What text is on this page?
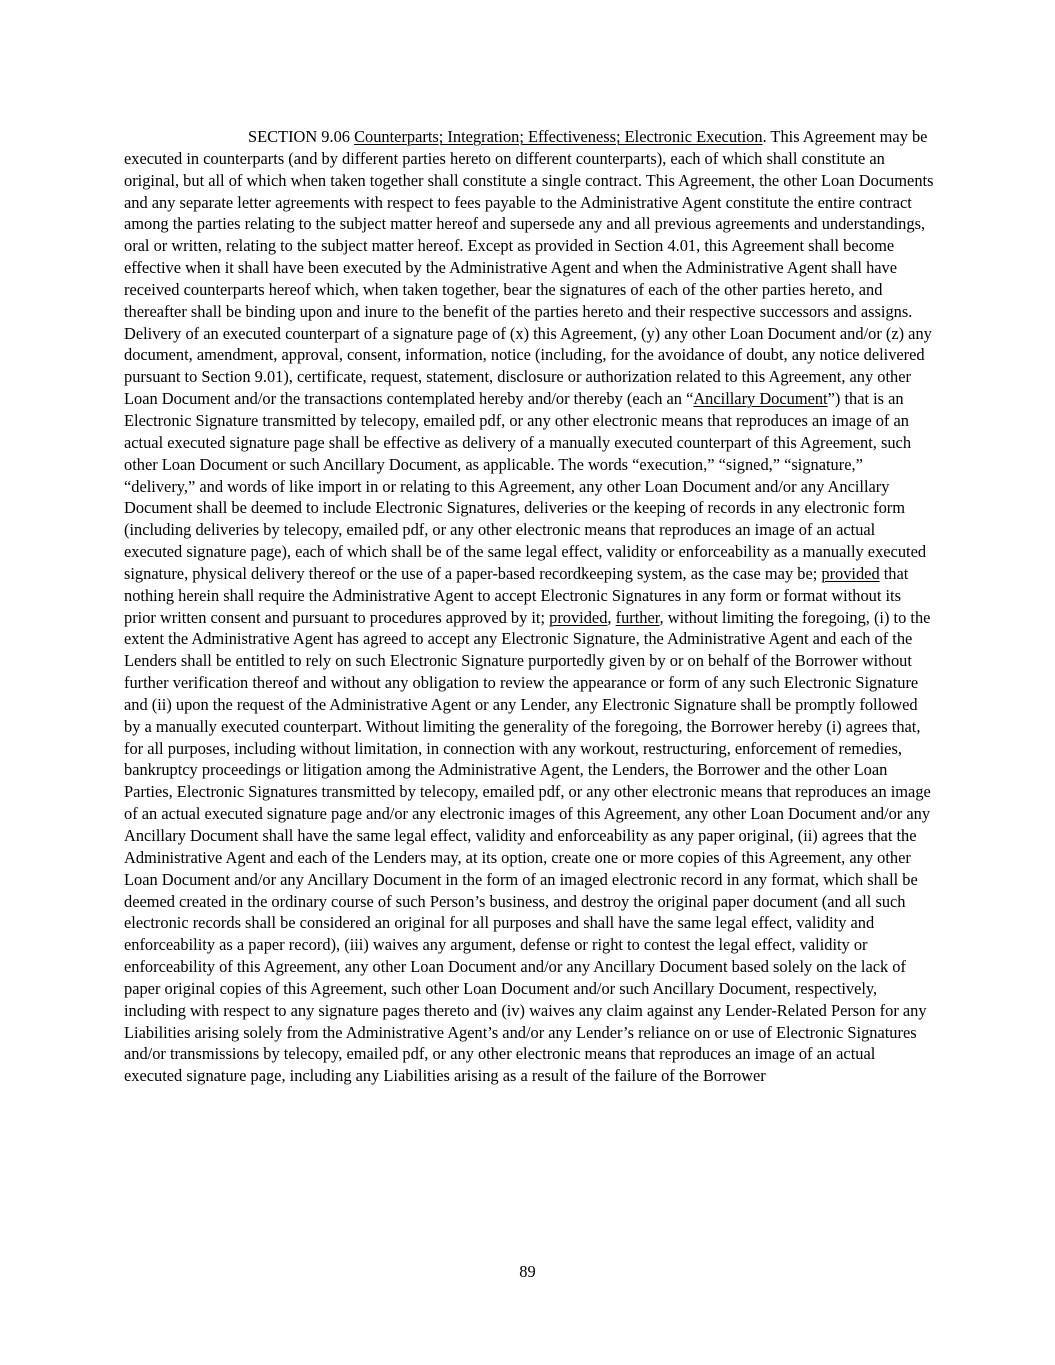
SECTION 9.06 Counterparts; Integration; Effectiveness; Electronic Execution. This Agreement may be executed in counterparts (and by different parties hereto on different counterparts), each of which shall constitute an original, but all of which when taken together shall constitute a single contract. This Agreement, the other Loan Documents and any separate letter agreements with respect to fees payable to the Administrative Agent constitute the entire contract among the parties relating to the subject matter hereof and supersede any and all previous agreements and understandings, oral or written, relating to the subject matter hereof. Except as provided in Section 4.01, this Agreement shall become effective when it shall have been executed by the Administrative Agent and when the Administrative Agent shall have received counterparts hereof which, when taken together, bear the signatures of each of the other parties hereto, and thereafter shall be binding upon and inure to the benefit of the parties hereto and their respective successors and assigns. Delivery of an executed counterpart of a signature page of (x) this Agreement, (y) any other Loan Document and/or (z) any document, amendment, approval, consent, information, notice (including, for the avoidance of doubt, any notice delivered pursuant to Section 9.01), certificate, request, statement, disclosure or authorization related to this Agreement, any other Loan Document and/or the transactions contemplated hereby and/or thereby (each an “Ancillary Document”) that is an Electronic Signature transmitted by telecopy, emailed pdf, or any other electronic means that reproduces an image of an actual executed signature page shall be effective as delivery of a manually executed counterpart of this Agreement, such other Loan Document or such Ancillary Document, as applicable. The words “execution,” “signed,” “signature,” “delivery,” and words of like import in or relating to this Agreement, any other Loan Document and/or any Ancillary Document shall be deemed to include Electronic Signatures, deliveries or the keeping of records in any electronic form (including deliveries by telecopy, emailed pdf, or any other electronic means that reproduces an image of an actual executed signature page), each of which shall be of the same legal effect, validity or enforceability as a manually executed signature, physical delivery thereof or the use of a paper-based recordkeeping system, as the case may be; provided that nothing herein shall require the Administrative Agent to accept Electronic Signatures in any form or format without its prior written consent and pursuant to procedures approved by it; provided, further, without limiting the foregoing, (i) to the extent the Administrative Agent has agreed to accept any Electronic Signature, the Administrative Agent and each of the Lenders shall be entitled to rely on such Electronic Signature purportedly given by or on behalf of the Borrower without further verification thereof and without any obligation to review the appearance or form of any such Electronic Signature and (ii) upon the request of the Administrative Agent or any Lender, any Electronic Signature shall be promptly followed by a manually executed counterpart. Without limiting the generality of the foregoing, the Borrower hereby (i) agrees that, for all purposes, including without limitation, in connection with any workout, restructuring, enforcement of remedies, bankruptcy proceedings or litigation among the Administrative Agent, the Lenders, the Borrower and the other Loan Parties, Electronic Signatures transmitted by telecopy, emailed pdf, or any other electronic means that reproduces an image of an actual executed signature page and/or any electronic images of this Agreement, any other Loan Document and/or any Ancillary Document shall have the same legal effect, validity and enforceability as any paper original, (ii) agrees that the Administrative Agent and each of the Lenders may, at its option, create one or more copies of this Agreement, any other Loan Document and/or any Ancillary Document in the form of an imaged electronic record in any format, which shall be deemed created in the ordinary course of such Person’s business, and destroy the original paper document (and all such electronic records shall be considered an original for all purposes and shall have the same legal effect, validity and enforceability as a paper record), (iii) waives any argument, defense or right to contest the legal effect, validity or enforceability of this Agreement, any other Loan Document and/or any Ancillary Document based solely on the lack of paper original copies of this Agreement, such other Loan Document and/or such Ancillary Document, respectively, including with respect to any signature pages thereto and (iv) waives any claim against any Lender-Related Person for any Liabilities arising solely from the Administrative Agent’s and/or any Lender’s reliance on or use of Electronic Signatures and/or transmissions by telecopy, emailed pdf, or any other electronic means that reproduces an image of an actual executed signature page, including any Liabilities arising as a result of the failure of the Borrower

89
